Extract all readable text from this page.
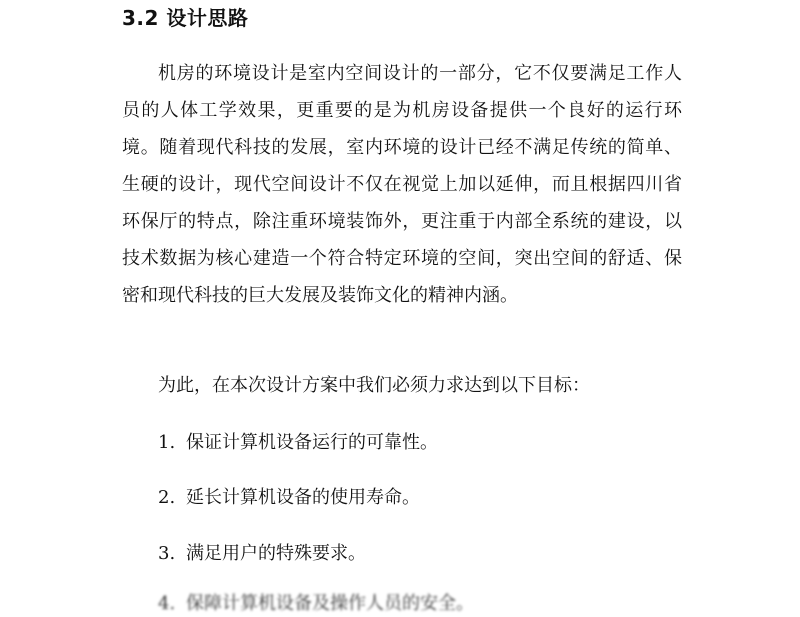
3.2 设计思路

机房的环境设计是室内空间设计的一部分，它不仅要满足工作人
员的人体工学效果，更重要的是为机房设备提供一个良好的运行环
境。随着现代科技的发展，室内环境的设计已经不满足传统的简单、
生硬的设计，现代空间设计不仅在视觉上加以延伸，而且根据四川省
环保厅的特点，除注重环境装饰外，更注重于内部全系统的建设，以
技术数据为核心建造一个符合特定环境的空间，突出空间的舒适、保
密和现代科技的巨大发展及装饰文化的精神内涵。

为此，在本次设计方案中我们必须力求达到以下目标：

1. 保证计算机设备运行的可靠性。

2. 延长计算机设备的使用寿命。

3. 满足用户的特殊要求。

4. 保障计算机设备及操作人员的安全。
